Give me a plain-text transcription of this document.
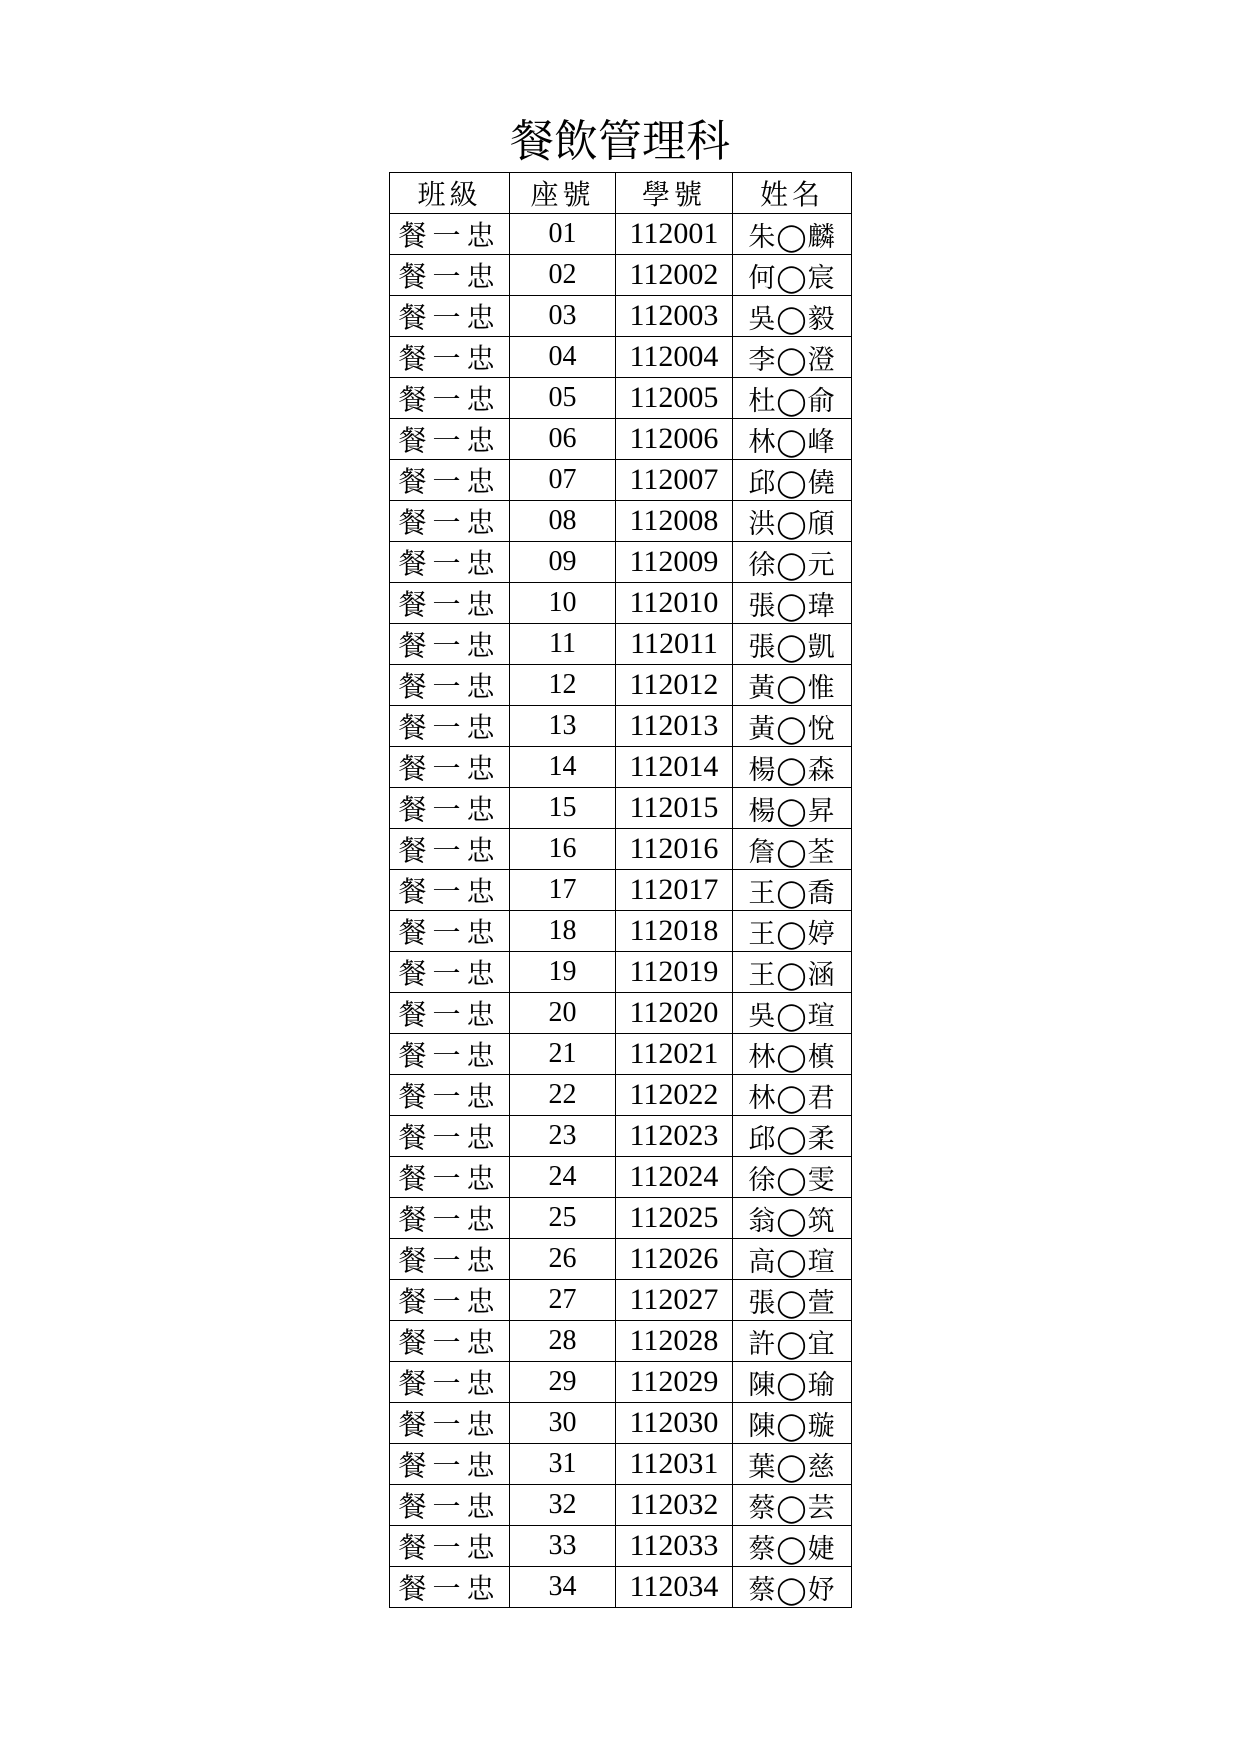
餐飲管理科
班級	座號	學號	姓名
餐一忠	01	112001	朱◯麟
餐一忠	02	112002	何◯宸
餐一忠	03	112003	吳◯毅
餐一忠	04	112004	李◯澄
餐一忠	05	112005	杜◯俞
餐一忠	06	112006	林◯峰
餐一忠	07	112007	邱◯僥
餐一忠	08	112008	洪◯頎
餐一忠	09	112009	徐◯元
餐一忠	10	112010	張◯瑋
餐一忠	11	112011	張◯凱
餐一忠	12	112012	黃◯惟
餐一忠	13	112013	黃◯悅
餐一忠	14	112014	楊◯森
餐一忠	15	112015	楊◯昇
餐一忠	16	112016	詹◯荃
餐一忠	17	112017	王◯喬
餐一忠	18	112018	王◯婷
餐一忠	19	112019	王◯涵
餐一忠	20	112020	吳◯瑄
餐一忠	21	112021	林◯槙
餐一忠	22	112022	林◯君
餐一忠	23	112023	邱◯柔
餐一忠	24	112024	徐◯雯
餐一忠	25	112025	翁◯筑
餐一忠	26	112026	高◯瑄
餐一忠	27	112027	張◯萱
餐一忠	28	112028	許◯宜
餐一忠	29	112029	陳◯瑜
餐一忠	30	112030	陳◯璇
餐一忠	31	112031	葉◯慈
餐一忠	32	112032	蔡◯芸
餐一忠	33	112033	蔡◯婕
餐一忠	34	112034	蔡◯妤
